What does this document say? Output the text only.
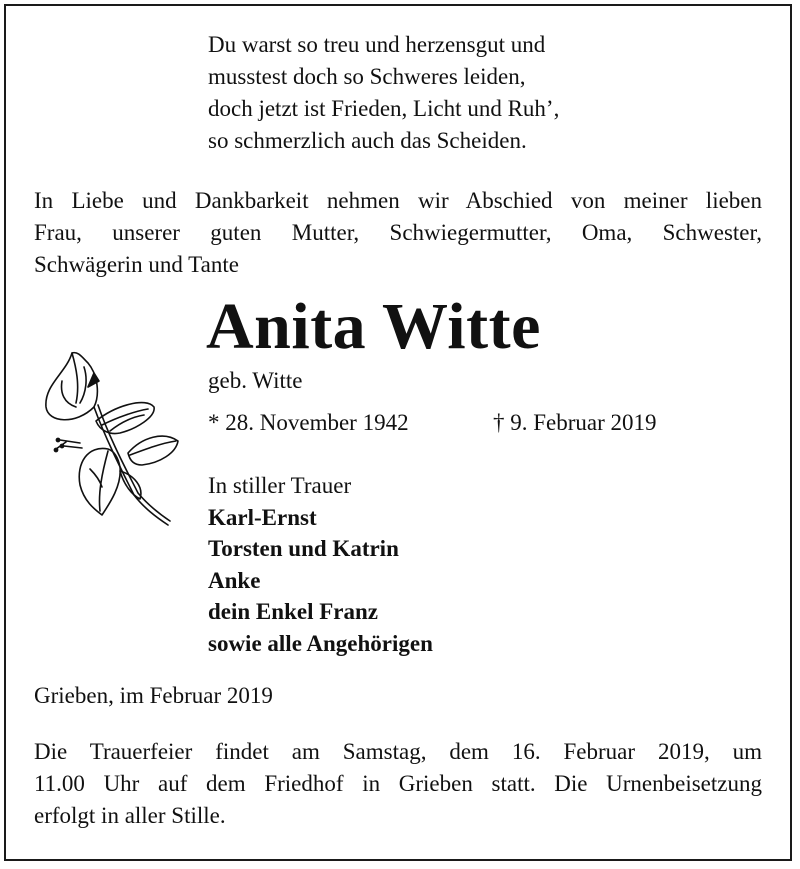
Du warst so treu und herzensgut und
musstest doch so Schweres leiden,
doch jetzt ist Frieden, Licht und Ruh’,
so schmerzlich auch das Scheiden.
In Liebe und Dankbarkeit nehmen wir Abschied von meiner lieben
Frau, unserer guten Mutter, Schwiegermutter, Oma, Schwester,
Schwägerin und Tante
Anita Witte
geb. Witte
* 28. November 1942	† 9. Februar 2019
In stiller Trauer
Karl-Ernst
Torsten und Katrin
Anke
dein Enkel Franz
sowie alle Angehörigen
Grieben, im Februar 2019
Die Trauerfeier findet am Samstag, dem 16. Februar 2019, um
11.00 Uhr auf dem Friedhof in Grieben statt. Die Urnenbeisetzung
erfolgt in aller Stille.
